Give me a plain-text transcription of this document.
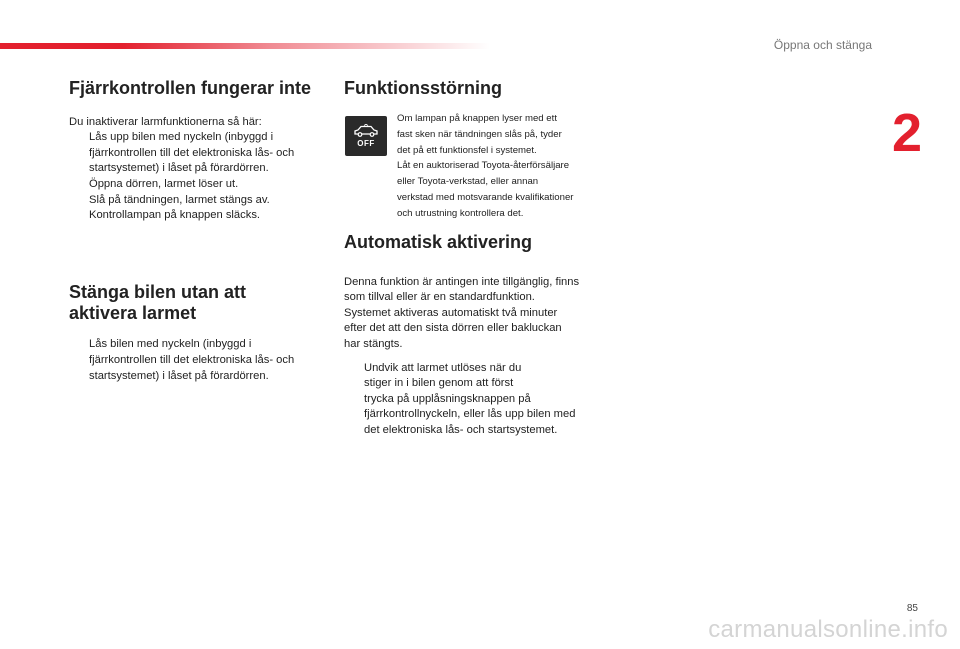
Öppna och stänga
2
Fjärrkontrollen fungerar inte

Du inaktiverar larmfunktionerna så här:

Lås upp bilen med nyckeln (inbyggd i
fjärrkontrollen till det elektroniska lås- och
startsystemet) i låset på förardörren.
Öppna dörren, larmet löser ut.
Slå på tändningen, larmet stängs av.
Kontrollampan på knappen släcks.
Stänga bilen utan att
aktivera larmet
Lås bilen med nyckeln (inbyggd i
fjärrkontrollen till det elektroniska lås- och
startsystemet) i låset på förardörren.
Funktionsstörning
OFF

Om lampan på knappen lyser med ett

fast sken när tändningen slås på, tyder

det på ett funktionsfel i systemet.

Låt en auktoriserad Toyota-återförsäljare

eller Toyota-verkstad, eller annan

verkstad med motsvarande kvalifikationer

och utrustning kontrollera det.

Automatisk aktivering

Denna funktion är antingen inte tillgänglig, finns

som tillval eller är en standardfunktion.

Systemet aktiveras automatiskt två minuter

efter det att den sista dörren eller bakluckan

har stängts.

Undvik att larmet utlöses när du
stiger in i bilen genom att först
trycka på upplåsningsknappen på
fjärrkontrollnyckeln, eller lås upp bilen med
det elektroniska lås- och startsystemet.
85
carmanualsonline.info
